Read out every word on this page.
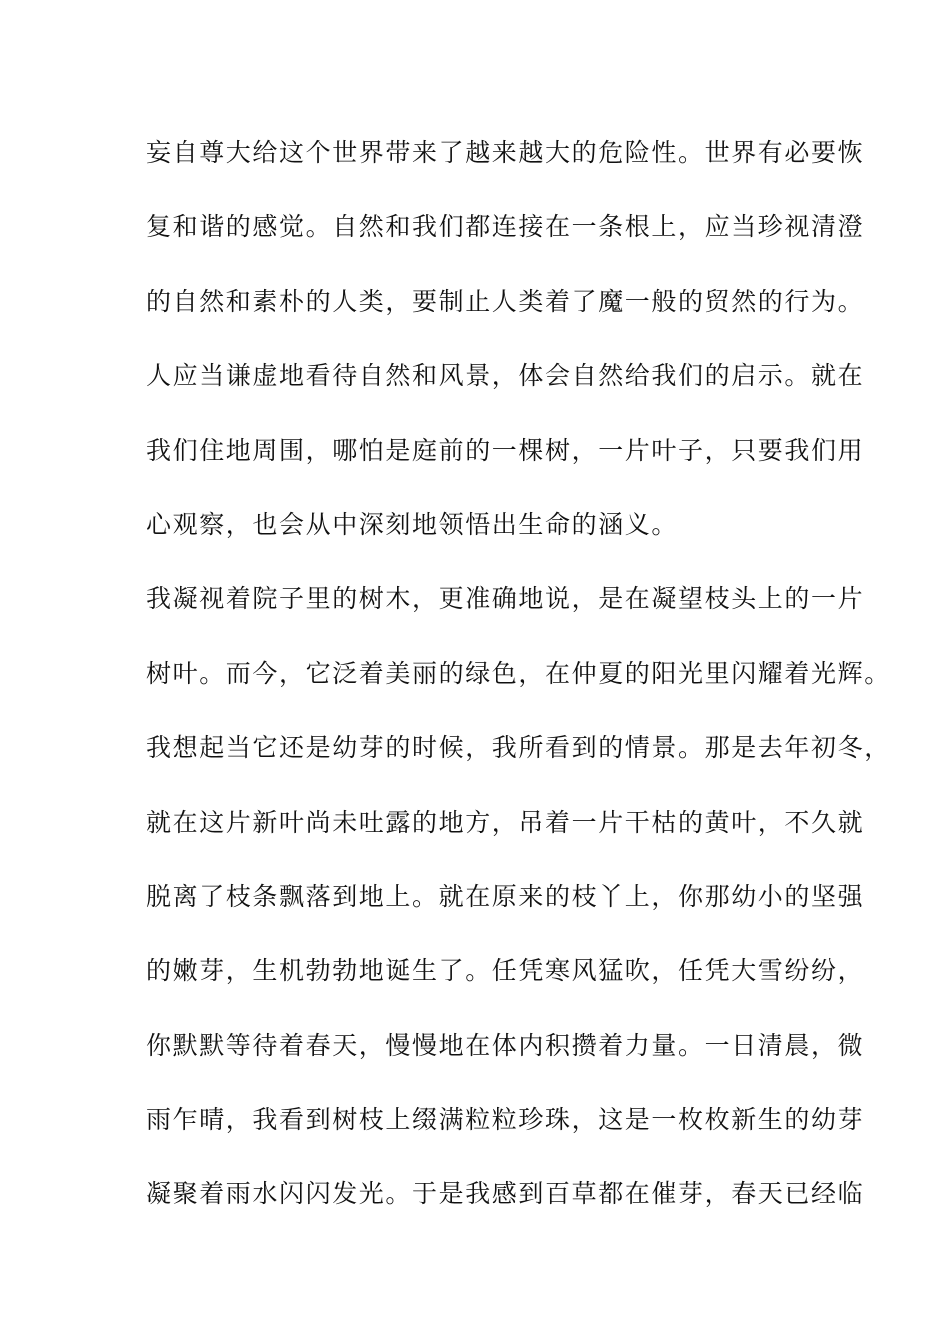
妄自尊大给这个世界带来了越来越大的危险性。世界有必要恢
复和谐的感觉。自然和我们都连接在一条根上，应当珍视清澄
的自然和素朴的人类，要制止人类着了魔一般的贸然的行为。
人应当谦虚地看待自然和风景，体会自然给我们的启示。就在
我们住地周围，哪怕是庭前的一棵树，一片叶子，只要我们用
心观察，也会从中深刻地领悟出生命的涵义。
我凝视着院子里的树木，更准确地说，是在凝望枝头上的一片
树叶。而今，它泛着美丽的绿色，在仲夏的阳光里闪耀着光辉。
我想起当它还是幼芽的时候，我所看到的情景。那是去年初冬，
就在这片新叶尚未吐露的地方，吊着一片干枯的黄叶，不久就
脱离了枝条飘落到地上。就在原来的枝丫上，你那幼小的坚强
的嫩芽，生机勃勃地诞生了。任凭寒风猛吹，任凭大雪纷纷，
你默默等待着春天，慢慢地在体内积攒着力量。一日清晨，微
雨乍晴，我看到树枝上缀满粒粒珍珠，这是一枚枚新生的幼芽
凝聚着雨水闪闪发光。于是我感到百草都在催芽，春天已经临
